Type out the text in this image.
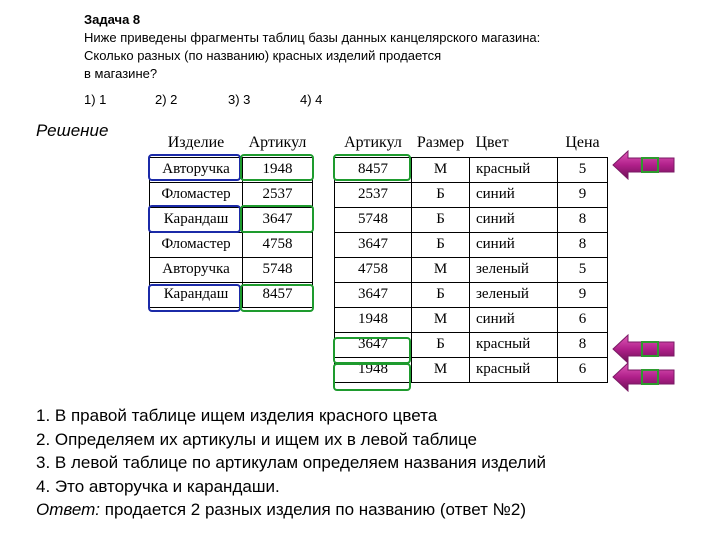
Задача 8
Ниже приведены фрагменты таблиц базы данных канцелярского магазина:
Сколько разных (по названию) красных изделий продается
в магазине?
1) 1	2) 2	3) 3	4) 4
Решение
Изделие	Артикул
Авторучка	1948
Фломастер	2537
Карандаш	3647
Фломастер	4758
Авторучка	5748
Карандаш	8457
Артикул	Размер	Цвет	Цена
8457	М	красный	5
2537	Б	синий	9
5748	Б	синий	8
3647	Б	синий	8
4758	М	зеленый	5
3647	Б	зеленый	9
1948	М	синий	6
3647	Б	красный	8
1948	М	красный	6
1. В правой таблице ищем изделия красного цвета
2. Определяем их артикулы и ищем их в левой таблице
3. В левой таблице по артикулам определяем названия изделий
4. Это авторучка и карандаши.
Ответ: продается 2 разных изделия по названию (ответ №2)
